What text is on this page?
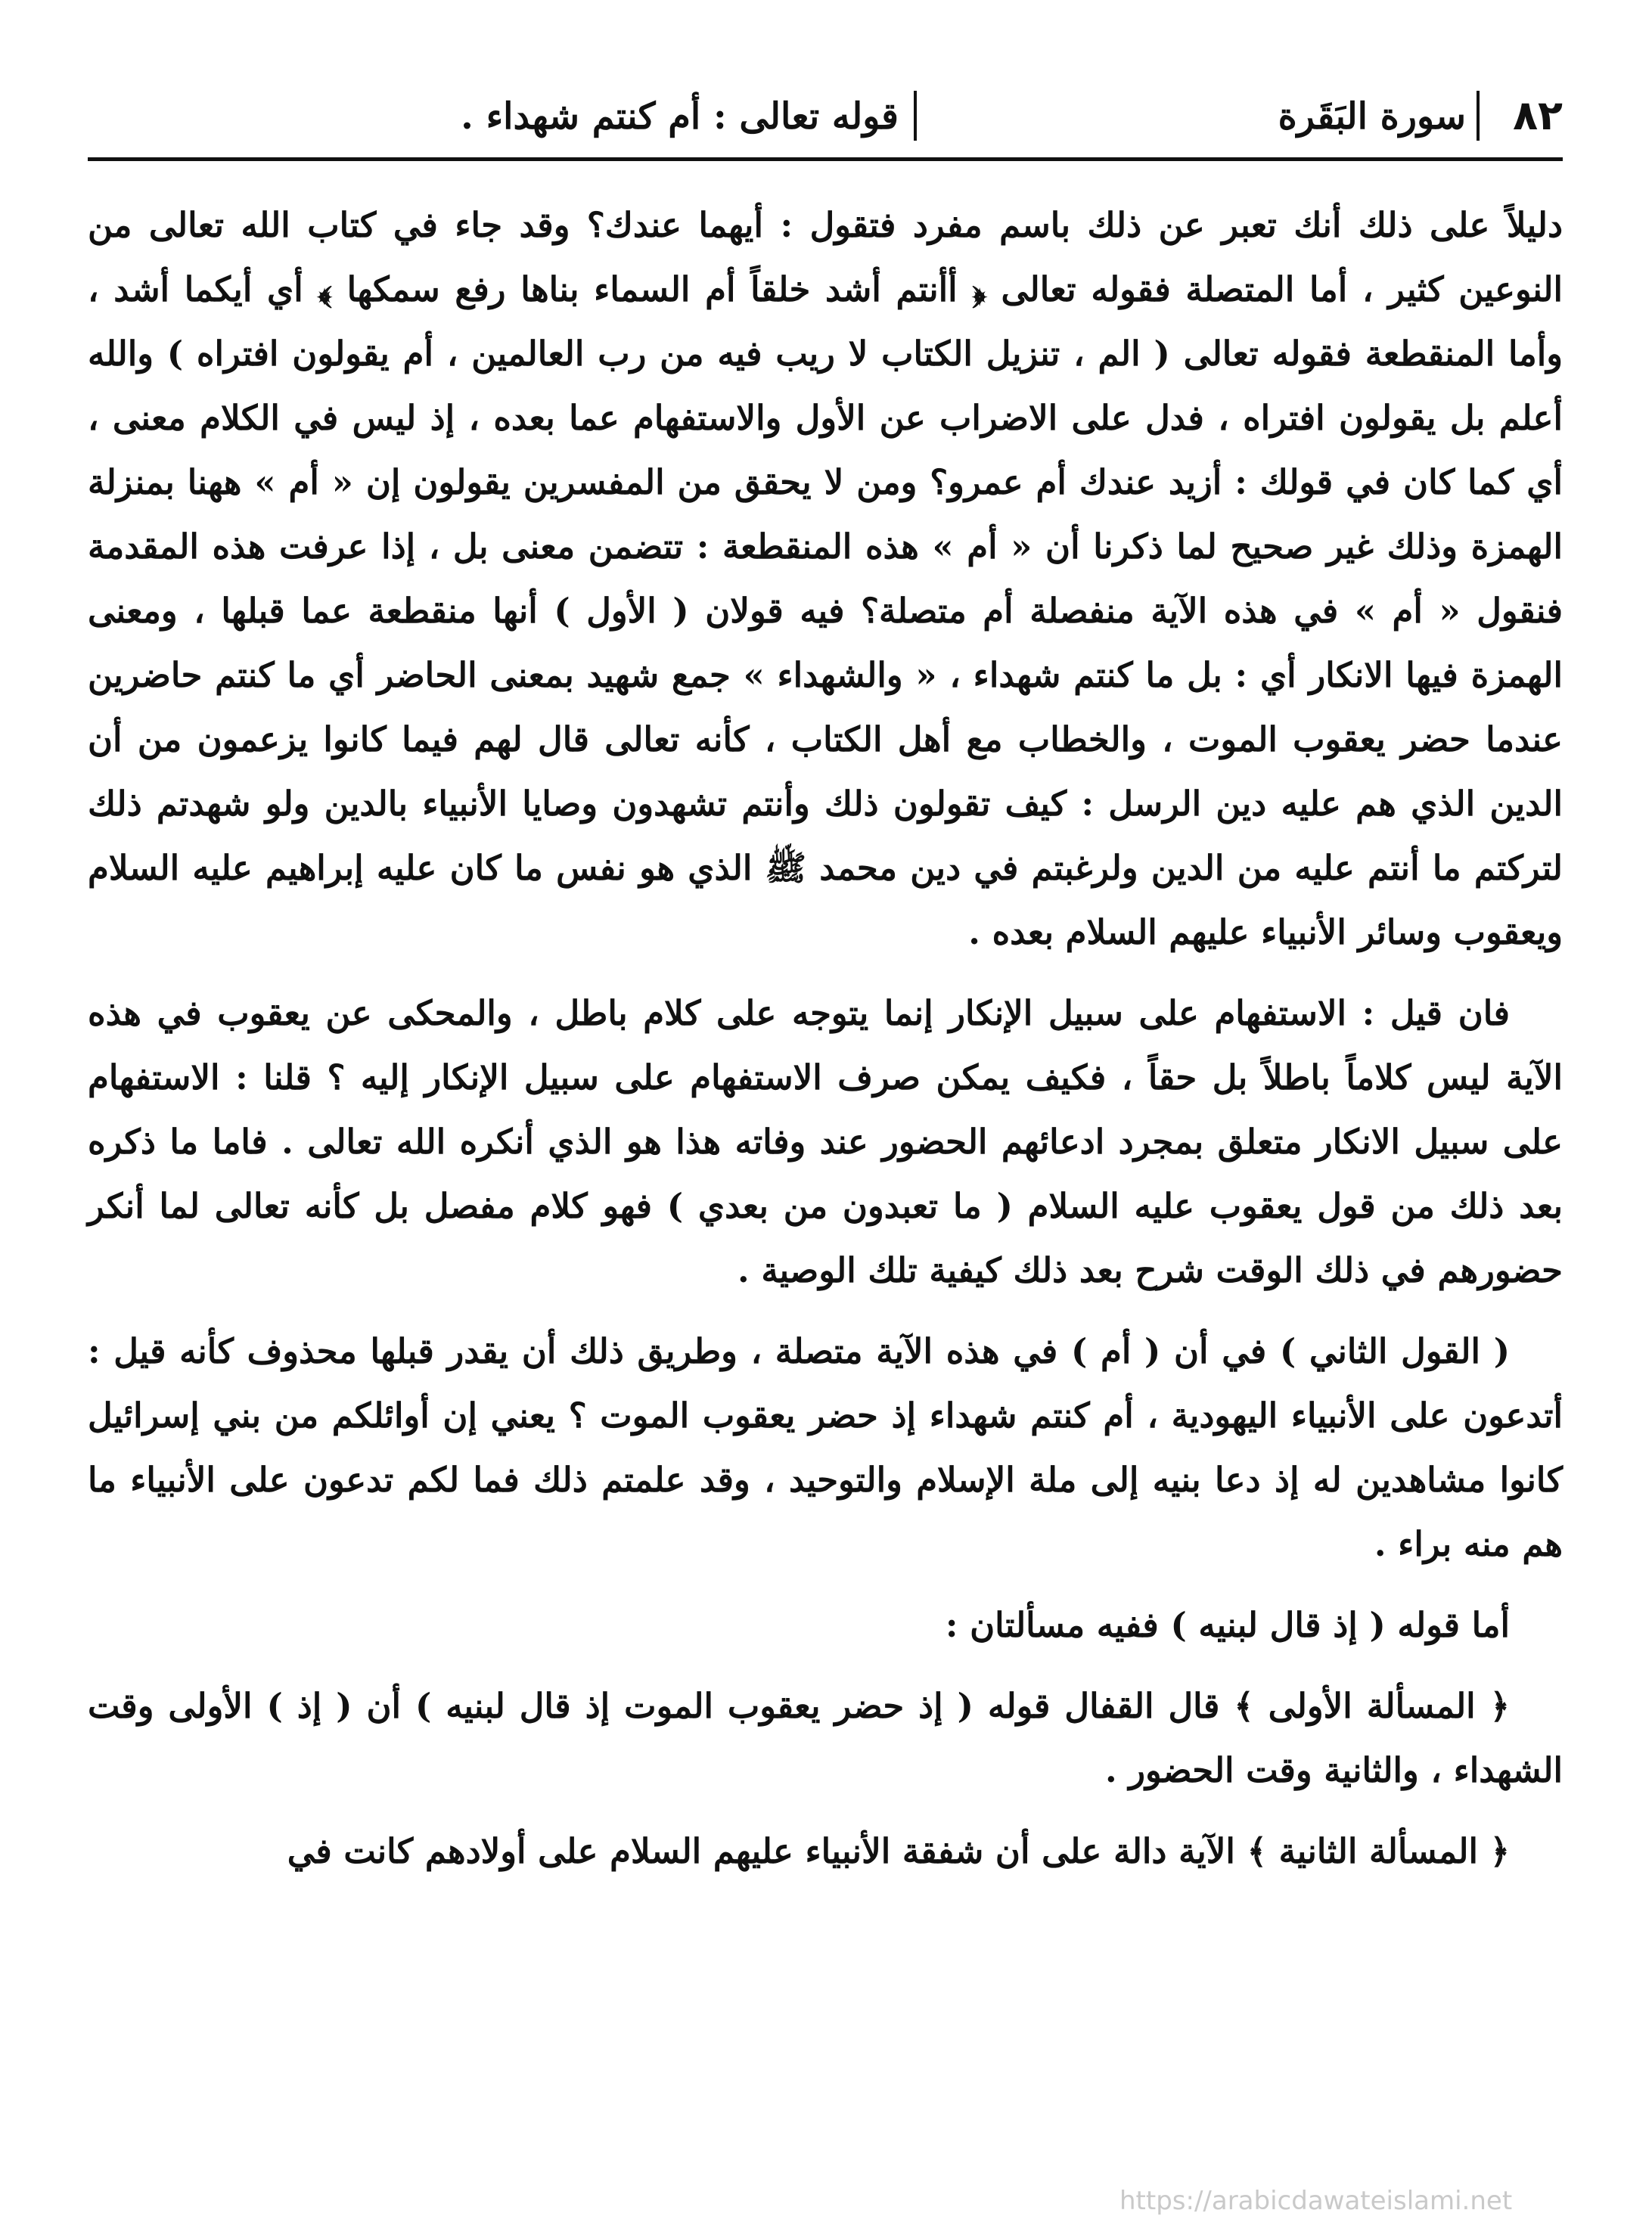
٨٢
سورة البَقَرة
قوله تعالى : أم كنتم شهداء .

دليلاً على ذلك أنك تعبر عن ذلك باسم مفرد فتقول : أيهما عندك؟ وقد جاء في كتاب الله تعالى من النوعين كثير ، أما المتصلة فقوله تعالى ﴿ أأنتم أشد خلقاً أم السماء بناها رفع سمكها ﴾ أي أيكما أشد ، وأما المنقطعة فقوله تعالى ( الم ، تنزيل الكتاب لا ريب فيه من رب العالمين ، أم يقولون افتراه ) والله أعلم بل يقولون افتراه ، فدل على الاضراب عن الأول والاستفهام عما بعده ، إذ ليس في الكلام معنى ، أي كما كان في قولك : أزيد عندك أم عمرو؟ ومن لا يحقق من المفسرين يقولون إن « أم » ههنا بمنزلة الهمزة وذلك غير صحيح لما ذكرنا أن « أم » هذه المنقطعة : تتضمن معنى بل ، إذا عرفت هذه المقدمة فنقول « أم » في هذه الآية منفصلة أم متصلة؟ فيه قولان ( الأول ) أنها منقطعة عما قبلها ، ومعنى الهمزة فيها الانكار أي : بل ما كنتم شهداء ، « والشهداء » جمع شهيد بمعنى الحاضر أي ما كنتم حاضرين عندما حضر يعقوب الموت ، والخطاب مع أهل الكتاب ، كأنه تعالى قال لهم فيما كانوا يزعمون من أن الدين الذي هم عليه دين الرسل : كيف تقولون ذلك وأنتم تشهدون وصايا الأنبياء بالدين ولو شهدتم ذلك لتركتم ما أنتم عليه من الدين ولرغبتم في دين محمد ﷺ الذي هو نفس ما كان عليه إبراهيم عليه السلام ويعقوب وسائر الأنبياء عليهم السلام بعده .

فان قيل : الاستفهام على سبيل الإنكار إنما يتوجه على كلام باطل ، والمحكى عن يعقوب في هذه الآية ليس كلاماً باطلاً بل حقاً ، فكيف يمكن صرف الاستفهام على سبيل الإنكار إليه ؟ قلنا : الاستفهام على سبيل الانكار متعلق بمجرد ادعائهم الحضور عند وفاته هذا هو الذي أنكره الله تعالى . فاما ما ذكره بعد ذلك من قول يعقوب عليه السلام ( ما تعبدون من بعدي ) فهو كلام مفصل بل كأنه تعالى لما أنكر حضورهم في ذلك الوقت شرح بعد ذلك كيفية تلك الوصية .

( القول الثاني ) في أن ( أم ) في هذه الآية متصلة ، وطريق ذلك أن يقدر قبلها محذوف كأنه قيل : أتدعون على الأنبياء اليهودية ، أم كنتم شهداء إذ حضر يعقوب الموت ؟ يعني إن أوائلكم من بني إسرائيل كانوا مشاهدين له إذ دعا بنيه إلى ملة الإسلام والتوحيد ، وقد علمتم ذلك فما لكم تدعون على الأنبياء ما هم منه براء .

أما قوله ( إذ قال لبنيه ) ففيه مسألتان :

﴿ المسألة الأولى ﴾ قال القفال قوله ( إذ حضر يعقوب الموت إذ قال لبنيه ) أن ( إذ ) الأولى وقت الشهداء ، والثانية وقت الحضور .

﴿ المسألة الثانية ﴾ الآية دالة على أن شفقة الأنبياء عليهم السلام على أولادهم كانت في

https://arabicdawateislami.net
